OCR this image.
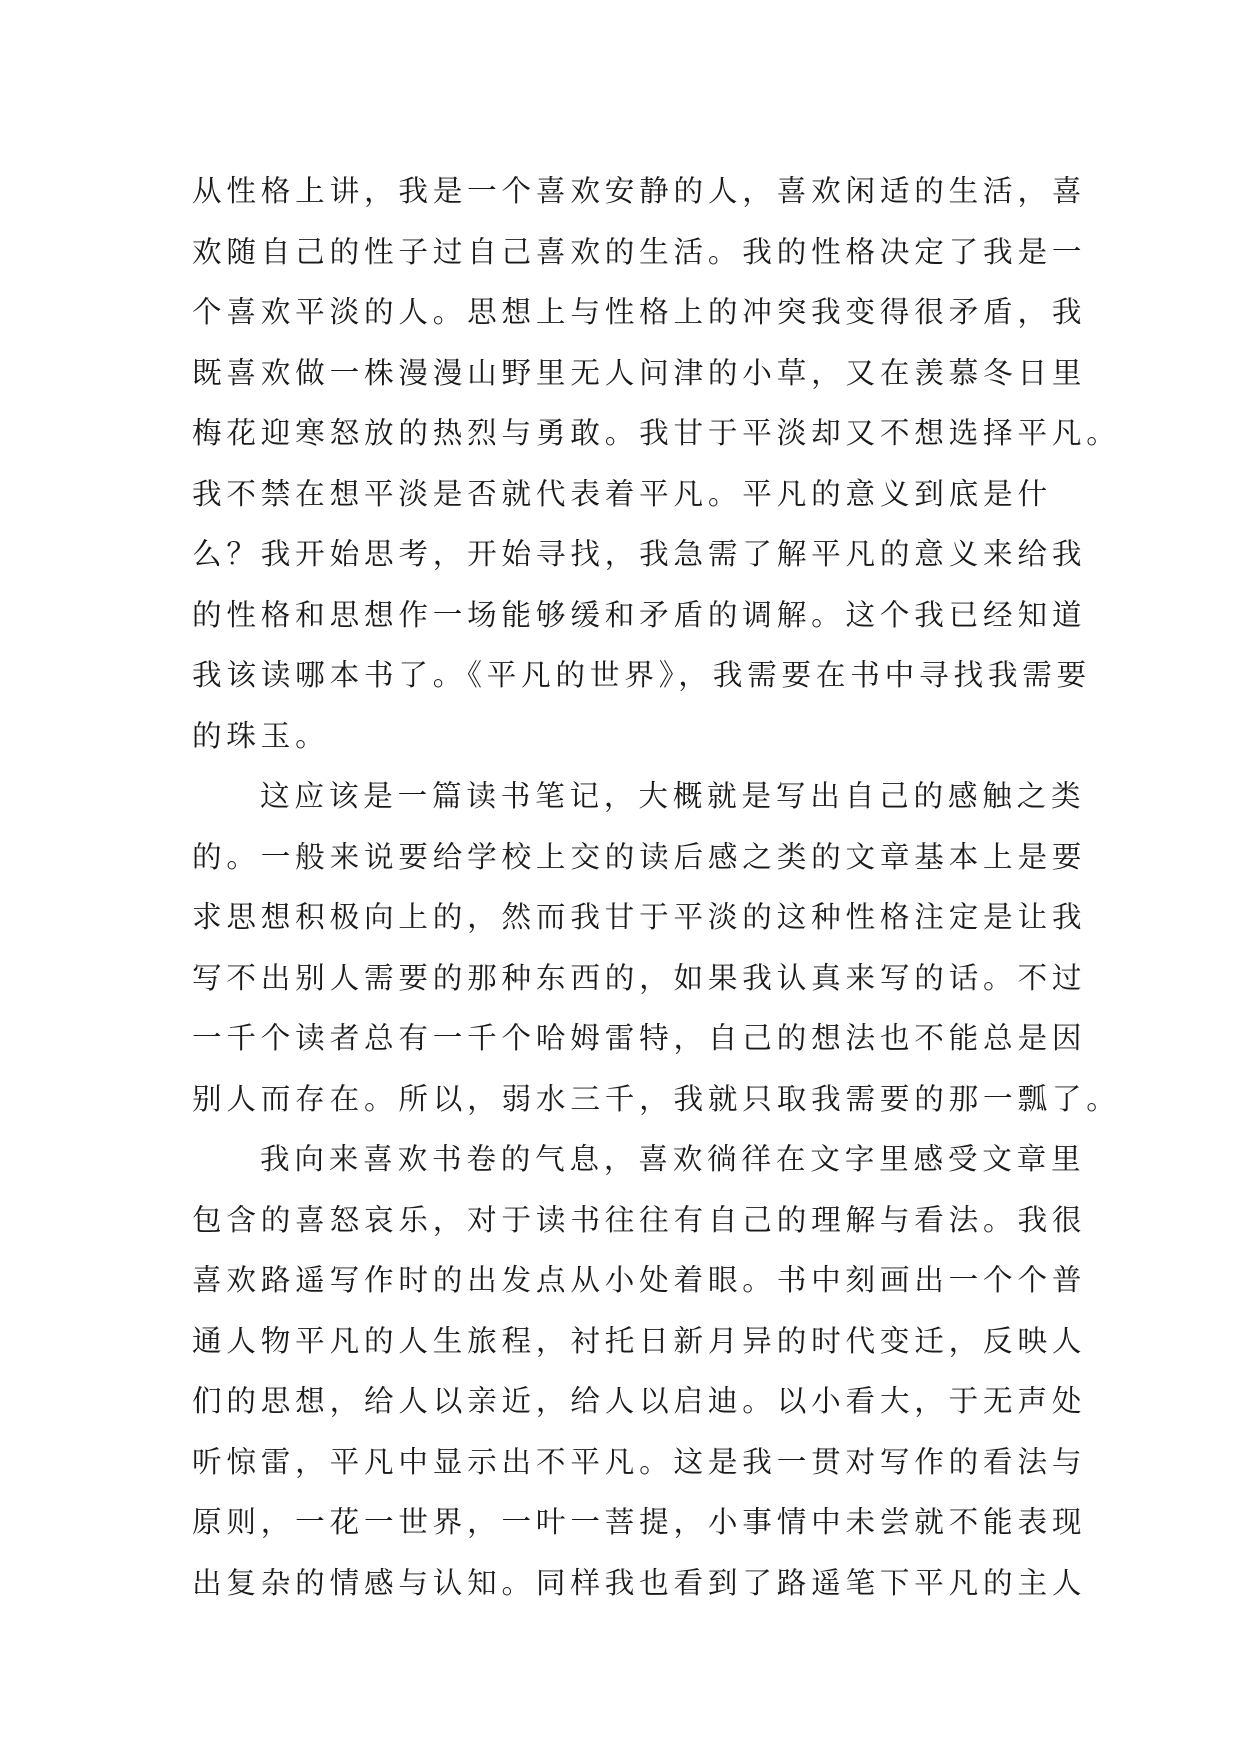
从性格上讲，我是一个喜欢安静的人，喜欢闲适的生活，喜
欢随自己的性子过自己喜欢的生活。我的性格决定了我是一
个喜欢平淡的人。思想上与性格上的冲突我变得很矛盾，我
既喜欢做一株漫漫山野里无人问津的小草，又在羡慕冬日里
梅花迎寒怒放的热烈与勇敢。我甘于平淡却又不想选择平凡。
我不禁在想平淡是否就代表着平凡。平凡的意义到底是什
么？我开始思考，开始寻找，我急需了解平凡的意义来给我
的性格和思想作一场能够缓和矛盾的调解。这个我已经知道
我该读哪本书了。《平凡的世界》，我需要在书中寻找我需要
的珠玉。
这应该是一篇读书笔记，大概就是写出自己的感触之类
的。一般来说要给学校上交的读后感之类的文章基本上是要
求思想积极向上的，然而我甘于平淡的这种性格注定是让我
写不出别人需要的那种东西的，如果我认真来写的话。不过
一千个读者总有一千个哈姆雷特，自己的想法也不能总是因
别人而存在。所以，弱水三千，我就只取我需要的那一瓢了。
我向来喜欢书卷的气息，喜欢徜徉在文字里感受文章里
包含的喜怒哀乐，对于读书往往有自己的理解与看法。我很
喜欢路遥写作时的出发点从小处着眼。书中刻画出一个个普
通人物平凡的人生旅程，衬托日新月异的时代变迁，反映人
们的思想，给人以亲近，给人以启迪。以小看大，于无声处
听惊雷，平凡中显示出不平凡。这是我一贯对写作的看法与
原则，一花一世界，一叶一菩提，小事情中未尝就不能表现
出复杂的情感与认知。同样我也看到了路遥笔下平凡的主人
